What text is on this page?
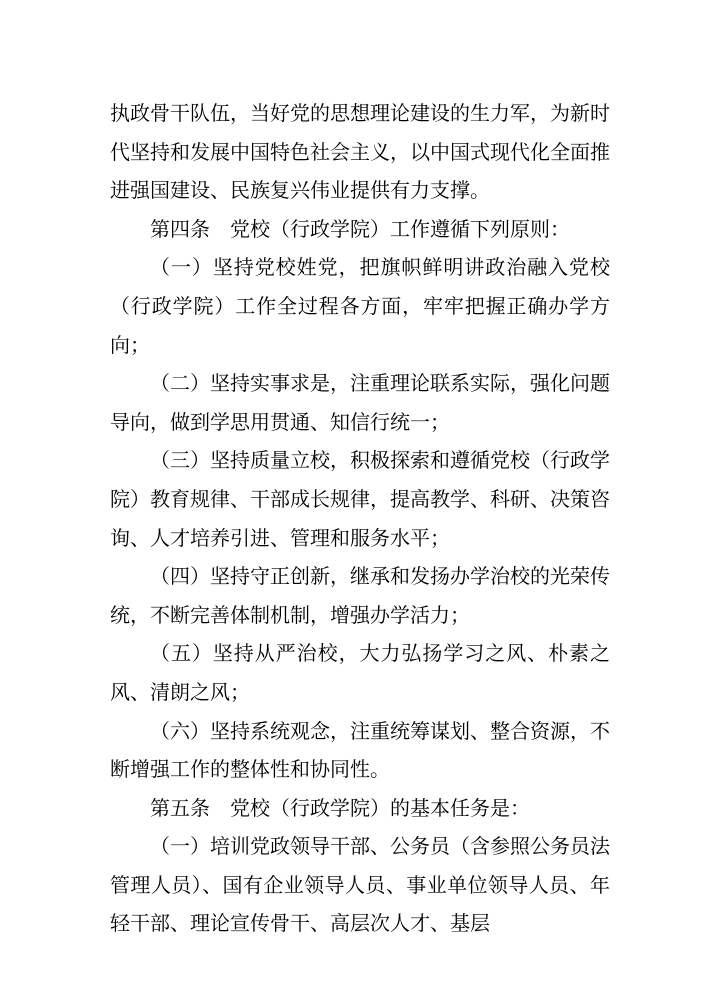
执政骨干队伍，当好党的思想理论建设的生力军，为新时代坚持和发展中国特色社会主义，以中国式现代化全面推进强国建设、民族复兴伟业提供有力支撑。

第四条　党校（行政学院）工作遵循下列原则：

（一）坚持党校姓党，把旗帜鲜明讲政治融入党校（行政学院）工作全过程各方面，牢牢把握正确办学方向；

（二）坚持实事求是，注重理论联系实际，强化问题导向，做到学思用贯通、知信行统一；

（三）坚持质量立校，积极探索和遵循党校（行政学院）教育规律、干部成长规律，提高教学、科研、决策咨询、人才培养引进、管理和服务水平；

（四）坚持守正创新，继承和发扬办学治校的光荣传统，不断完善体制机制，增强办学活力；

（五）坚持从严治校，大力弘扬学习之风、朴素之风、清朗之风；

（六）坚持系统观念，注重统筹谋划、整合资源，不断增强工作的整体性和协同性。

第五条　党校（行政学院）的基本任务是：

（一）培训党政领导干部、公务员（含参照公务员法管理人员）、国有企业领导人员、事业单位领导人员、年轻干部、理论宣传骨干、高层次人才、基层
